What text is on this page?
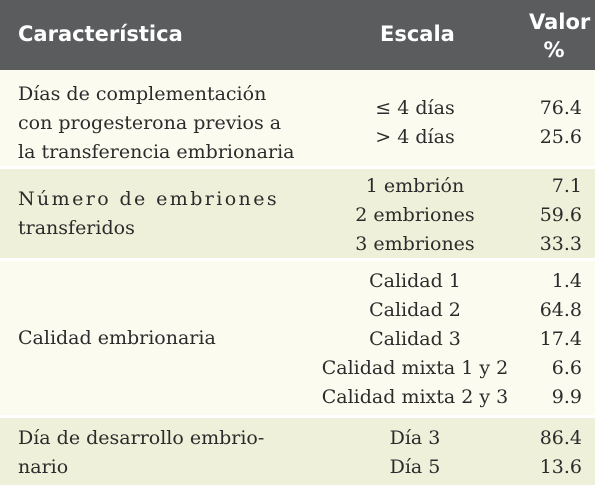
Característica	Escala	Valor
%
Días de complementación
con progesterona previos a
la transferencia embrionaria
≤ 4 días	76.4
> 4 días	25.6
Número de embriones
transferidos
1 embrión	7.1
2 embriones	59.6
3 embriones	33.3
Calidad embrionaria
Calidad 1	1.4
Calidad 2	64.8
Calidad 3	17.4
Calidad mixta 1 y 2	6.6
Calidad mixta 2 y 3	9.9
Día de desarrollo embrio-
nario
Día 3	86.4
Día 5	13.6
